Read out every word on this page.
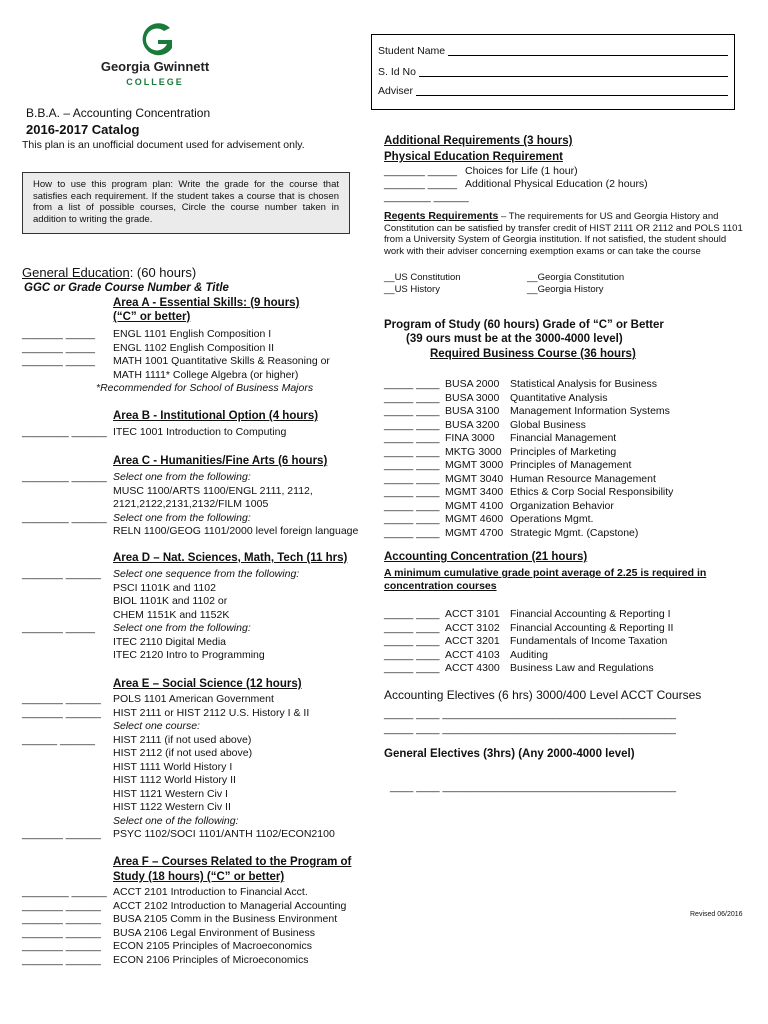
Georgia Gwinnett
COLLEGE
Student Name
S. Id No
Adviser
B.B.A. – Accounting Concentration
2016-2017 Catalog
This plan is an unofficial document used for advisement only.
How to use this program plan: Write the grade for the course that satisfies each requirement. If the student takes a course that is chosen from a list of possible courses, Circle the course number taken in addition to writing the grade.
General Education: (60 hours)
GGC or Grade Course Number & Title
Area A - Essential Skills: (9 hours)
(“C” or better)
_______ _____ ENGL 1101 English Composition I
_______ _____ ENGL 1102 English Composition II
_______ _____ MATH 1001 Quantitative Skills & Reasoning or
MATH 1111* College Algebra (or higher)
*Recommended for School of Business Majors
Area B - Institutional Option (4 hours)
________ ______ ITEC 1001 Introduction to Computing
Area C - Humanities/Fine Arts (6 hours)
________ ______ Select one from the following:
MUSC 1100/ARTS 1100/ENGL 2111, 2112,
2121,2122,2131,2132/FILM 1005
________ ______ Select one from the following:
RELN 1100/GEOG 1101/2000 level foreign language
Area D – Nat. Sciences, Math, Tech (11 hrs)
_______ ______ Select one sequence from the following:
PSCI 1101K and 1102
BIOL 1101K and 1102 or
CHEM 1151K and 1152K
_______ _____ Select one from the following:
ITEC 2110 Digital Media
ITEC 2120 Intro to Programming
Area E – Social Science (12 hours)
_______ ______ POLS 1101 American Government
_______ ______ HIST 2111 or HIST 2112 U.S. History I & II
Select one course:
______ ______ HIST 2111 (if not used above)
HIST 2112 (if not used above)
HIST 1111 World History I
HIST 1112 World History II
HIST 1121 Western Civ I
HIST 1122 Western Civ II
Select one of the following:
_______ ______ PSYC 1102/SOCI 1101/ANTH 1102/ECON2100
Area F – Courses Related to the Program of
Study (18 hours) (“C” or better)
________ ______ ACCT 2101 Introduction to Financial Acct.
_______ ______ ACCT 2102 Introduction to Managerial Accounting
_______ ______ BUSA 2105 Comm in the Business Environment
_______ ______ BUSA 2106 Legal Environment of Business
_______ ______ ECON 2105 Principles of Macroeconomics
_______ ______ ECON 2106 Principles of Microeconomics
Additional Requirements (3 hours)
Physical Education Requirement
_______ _____ Choices for Life (1 hour)
_______ _____ Additional Physical Education (2 hours)
________ ______
Regents Requirements – The requirements for US and Georgia History and Constitution can be satisfied by transfer credit of HIST 2111 OR 2112 and POLS 1101 from a University System of Georgia institution. If not satisfied, the student should work with their adviser concerning exemption exams or can take the course
__US Constitution	__Georgia Constitution
__US History	__Georgia History
Program of Study (60 hours) Grade of “C” or Better
(39 ours must be at the 3000-4000 level)
Required Business Course (36 hours)
_____ ____ BUSA 2000 Statistical Analysis for Business
_____ ____ BUSA 3000 Quantitative Analysis
_____ ____ BUSA 3100 Management Information Systems
_____ ____ BUSA 3200 Global Business
_____ ____ FINA 3000 Financial Management
_____ ____ MKTG 3000 Principles of Marketing
_____ ____ MGMT 3000 Principles of Management
_____ ____ MGMT 3040 Human Resource Management
_____ ____ MGMT 3400 Ethics & Corp Social Responsibility
_____ ____ MGMT 4100 Organization Behavior
_____ ____ MGMT 4600 Operations Mgmt.
_____ ____ MGMT 4700 Strategic Mgmt. (Capstone)
Accounting Concentration (21 hours)
A minimum cumulative grade point average of 2.25 is required in
concentration courses
_____ ____ ACCT 3101 Financial Accounting & Reporting I
_____ ____ ACCT 3102 Financial Accounting & Reporting II
_____ ____ ACCT 3201 Fundamentals of Income Taxation
_____ ____ ACCT 4103 Auditing
_____ ____ ACCT 4300 Business Law and Regulations
Accounting Electives (6 hrs) 3000/400 Level ACCT Courses
_____ ____ ________________________________________
_____ ____ ________________________________________
General Electives (3hrs) (Any 2000-4000 level)
____ ____ ________________________________________
Revised 06/2016
